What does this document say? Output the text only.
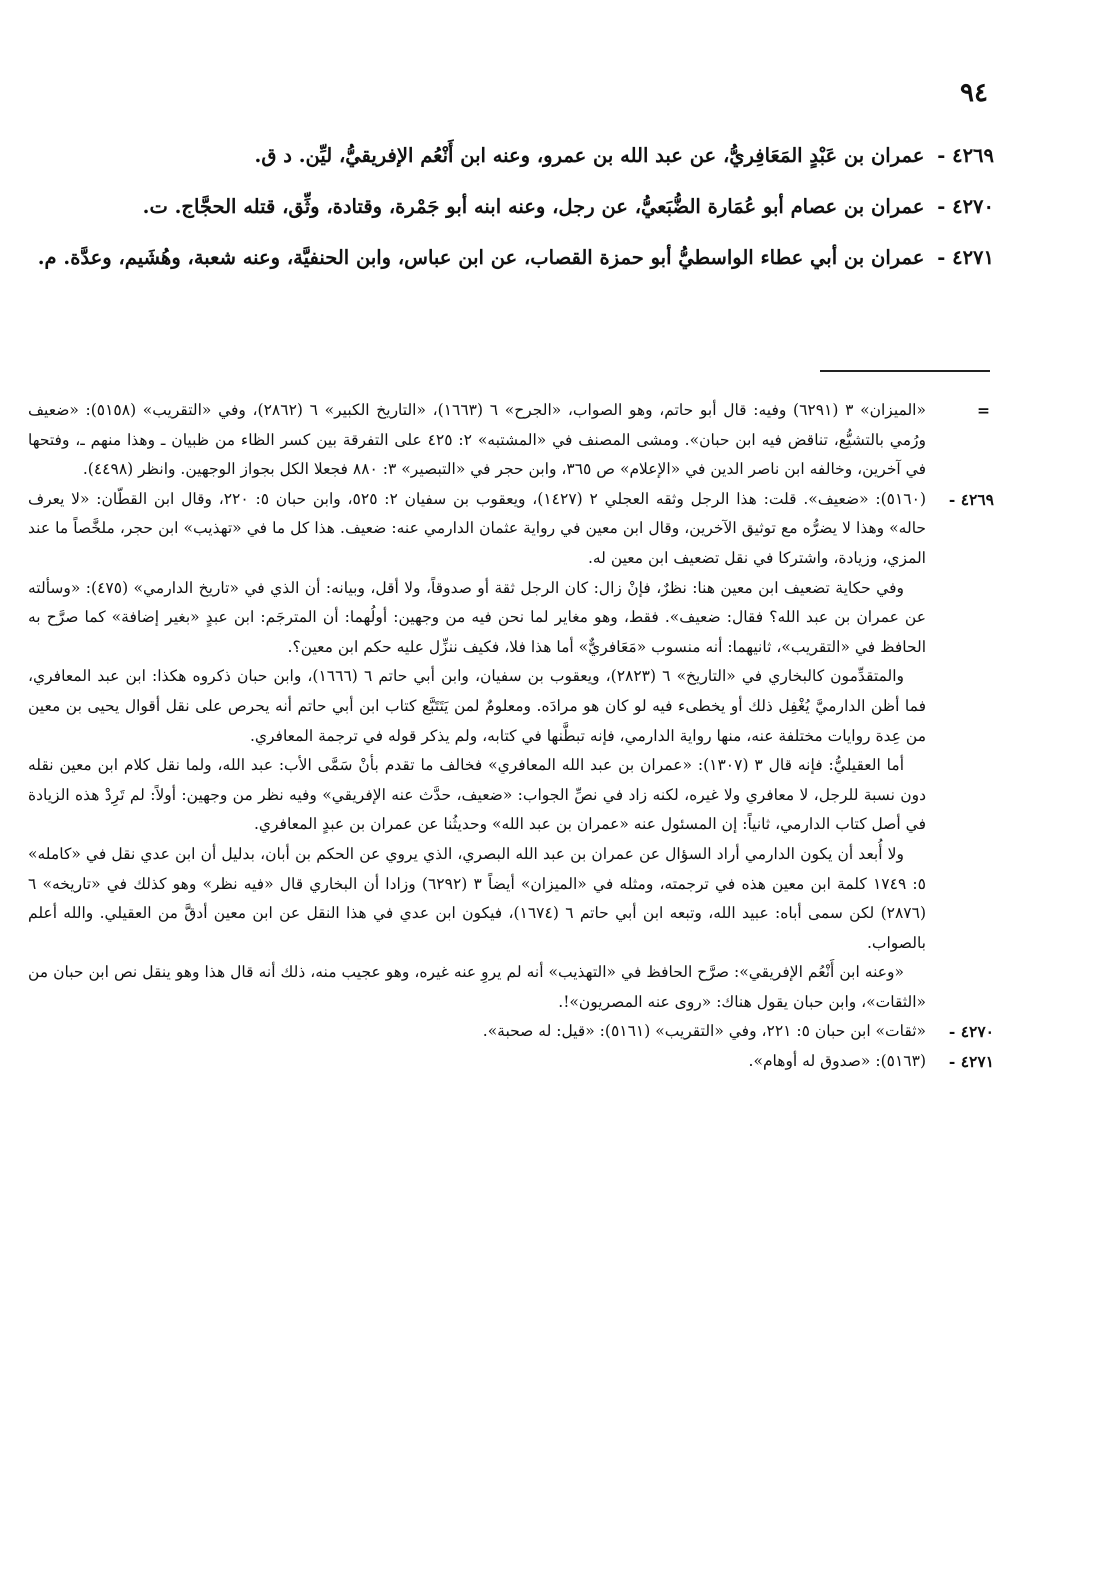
٩٤

٤٢٦٩ - عمران بن عَبْدٍ المَعَافِريُّ، عن عبد الله بن عمرو، وعنه ابن أَنْعُم الإفريقيُّ، ليِّن. د ق.

٤٢٧٠ - عمران بن عصام أبو عُمَارة الضُّبَعيُّ، عن رجل، وعنه ابنه أبو جَمْرة، وقتادة، وثِّق، قتله الحجَّاج. ت.

٤٢٧١ - عمران بن أبي عطاء الواسطيُّ أبو حمزة القصاب، عن ابن عباس، وابن الحنفيَّة، وعنه شعبة، وهُشَيم، وعدَّة. م.

=
«الميزان» ٣ (٦٢٩١) وفيه: قال أبو حاتم، وهو الصواب، «الجرح» ٦ (١٦٦٣)، «التاريخ الكبير» ٦ (٢٨٦٢)، وفي «التقريب» (٥١٥٨): «ضعيف ورُمي بالتشيُّع، تناقض فيه ابن حبان». ومشى المصنف في «المشتبه» ٢: ٤٢٥ على التفرقة بين كسر الظاء من ظبيان ـ وهذا منهم ـ، وفتحها في آخرين، وخالفه ابن ناصر الدين في «الإعلام» ص ٣٦٥، وابن حجر في «التبصير» ٣: ٨٨٠ فجعلا الكل بجواز الوجهين. وانظر (٤٤٩٨).

٤٢٦٩ -
(٥١٦٠): «ضعيف». قلت: هذا الرجل وثقه العجلي ٢ (١٤٢٧)، ويعقوب بن سفيان ٢: ٥٢٥، وابن حبان ٥: ٢٢٠، وقال ابن القطّان: «لا يعرف حاله» وهذا لا يضرُّه مع توثيق الآخرين، وقال ابن معين في رواية عثمان الدارمي عنه: ضعيف. هذا كل ما في «تهذيب» ابن حجر، ملخَّصاً ما عند المزي، وزيادة، واشتركا في نقل تضعيف ابن معين له.

وفي حكاية تضعيف ابن معين هنا: نظرٌ، فإنْ زال: كان الرجل ثقة أو صدوقاً، ولا أقل، وبيانه: أن الذي في «تاريخ الدارمي» (٤٧٥): «وسألته عن عمران بن عبد الله؟ فقال: ضعيف». فقط، وهو مغاير لما نحن فيه من وجهين: أولُهما: أن المترجَم: ابن عبدٍ «بغير إضافة» كما صرَّح به الحافظ في «التقريب»، ثانيهما: أنه منسوب «مَعَافريٌّ» أما هذا فلا، فكيف ننزِّل عليه حكم ابن معين؟.

والمتقدِّمون كالبخاري في «التاريخ» ٦ (٢٨٢٣)، ويعقوب بن سفيان، وابن أبي حاتم ٦ (١٦٦٦)، وابن حبان ذكروه هكذا: ابن عبد المعافري، فما أظن الدارميَّ يُغْفِل ذلك أو يخطىء فيه لو كان هو مرادَه. ومعلومٌ لمن يَتَتَبَّع كتاب ابن أبي حاتم أنه يحرص على نقل أقوال يحيى بن معين من عِدة روايات مختلفة عنه، منها رواية الدارمي، فإنه تبطَّنها في كتابه، ولم يذكر قوله في ترجمة المعافري.

أما العقيليُّ: فإنه قال ٣ (١٣٠٧): «عمران بن عبد الله المعافري» فخالف ما تقدم بأنْ سَمَّى الأب: عبد الله، ولما نقل كلام ابن معين نقله دون نسبة للرجل، لا معافري ولا غيره، لكنه زاد في نصِّ الجواب: «ضعيف، حدَّث عنه الإفريقي» وفيه نظر من وجهين: أولاً: لم تَرِدْ هذه الزيادة في أصل كتاب الدارمي، ثانياً: إن المسئول عنه «عمران بن عبد الله» وحديثُنا عن عمران بن عبدٍ المعافري.

ولا أُبعد أن يكون الدارمي أراد السؤال عن عمران بن عبد الله البصري، الذي يروي عن الحكم بن أبان، بدليل أن ابن عدي نقل في «كامله» ٥: ١٧٤٩ كلمة ابن معين هذه في ترجمته، ومثله في «الميزان» أيضاً ٣ (٦٢٩٢) وزادا أن البخاري قال «فيه نظر» وهو كذلك في «تاريخه» ٦ (٢٨٧٦) لكن سمى أباه: عبيد الله، وتبعه ابن أبي حاتم ٦ (١٦٧٤)، فيكون ابن عدي في هذا النقل عن ابن معين أدقَّ من العقيلي. والله أعلم بالصواب.

«وعنه ابن أَنْعُم الإفريقي»: صرَّح الحافظ في «التهذيب» أنه لم يروِ عنه غيره، وهو عجيب منه، ذلك أنه قال هذا وهو ينقل نص ابن حبان من «الثقات»، وابن حبان يقول هناك: «روى عنه المصريون»!.

٤٢٧٠ -
«ثقات» ابن حبان ٥: ٢٢١، وفي «التقريب» (٥١٦١): «قيل: له صحبة».

٤٢٧١ -
(٥١٦٣): «صدوق له أوهام».
